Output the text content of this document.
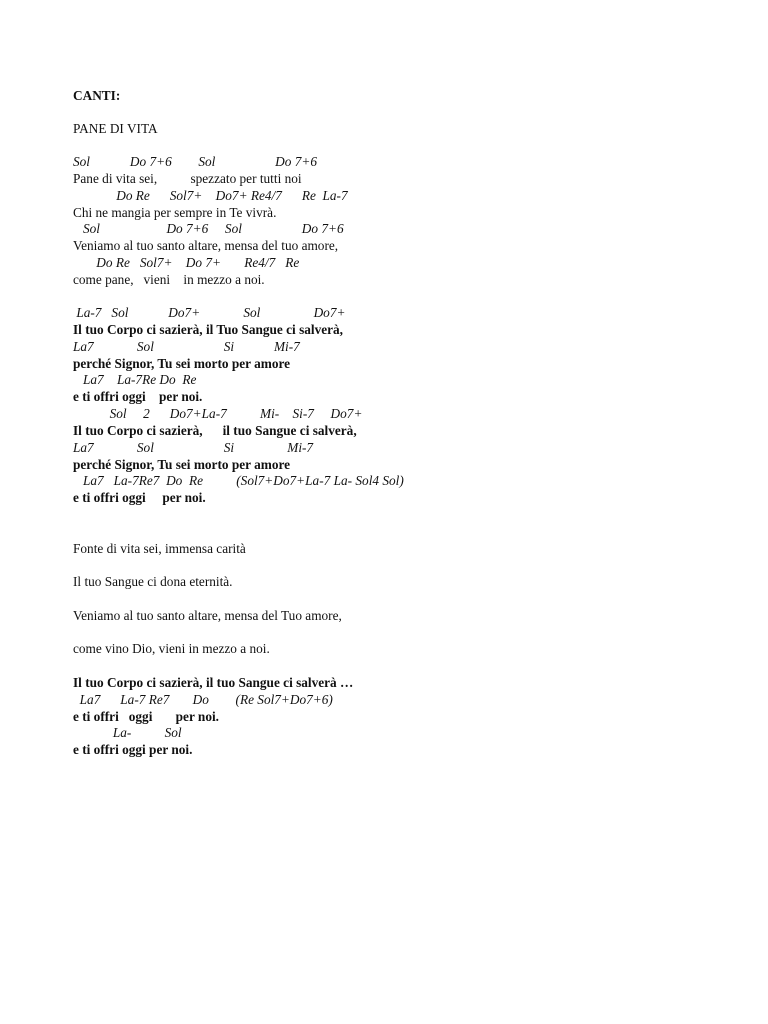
CANTI:

PANE DI VITA

Sol            Do 7+6        Sol                  Do 7+6

Pane di vita sei,          spezzato per tutti noi

Do Re      Sol7+    Do7+ Re4/7      Re  La-7

Chi ne mangia per sempre in Te vivrà.

Sol                    Do 7+6     Sol                  Do 7+6

Veniamo al tuo santo altare, mensa del tuo amore,

Do Re   Sol7+    Do 7+       Re4/7   Re

come pane,   vieni    in mezzo a noi.

La-7   Sol            Do7+             Sol                Do7+

Il tuo Corpo ci sazierà, il Tuo Sangue ci salverà,

La7             Sol                     Si            Mi-7

perché Signor, Tu sei morto per amore

La7    La-7Re Do  Re

e ti offri oggi    per noi.

Sol     2      Do7+La-7          Mi-    Si-7     Do7+

Il tuo Corpo ci sazierà,      il tuo Sangue ci salverà,

La7             Sol                     Si                Mi-7

perché Signor, Tu sei morto per amore

La7   La-7Re7  Do  Re          (Sol7+Do7+La-7 La- Sol4 Sol)

e ti offri oggi     per noi.

Fonte di vita sei, immensa carità

Il tuo Sangue ci dona eternità.

Veniamo al tuo santo altare, mensa del Tuo amore,

come vino Dio, vieni in mezzo a noi.

Il tuo Corpo ci sazierà, il tuo Sangue ci salverà …

La7      La-7 Re7       Do        (Re Sol7+Do7+6)

e ti offri   oggi       per noi.

La-          Sol

e ti offri oggi per noi.
